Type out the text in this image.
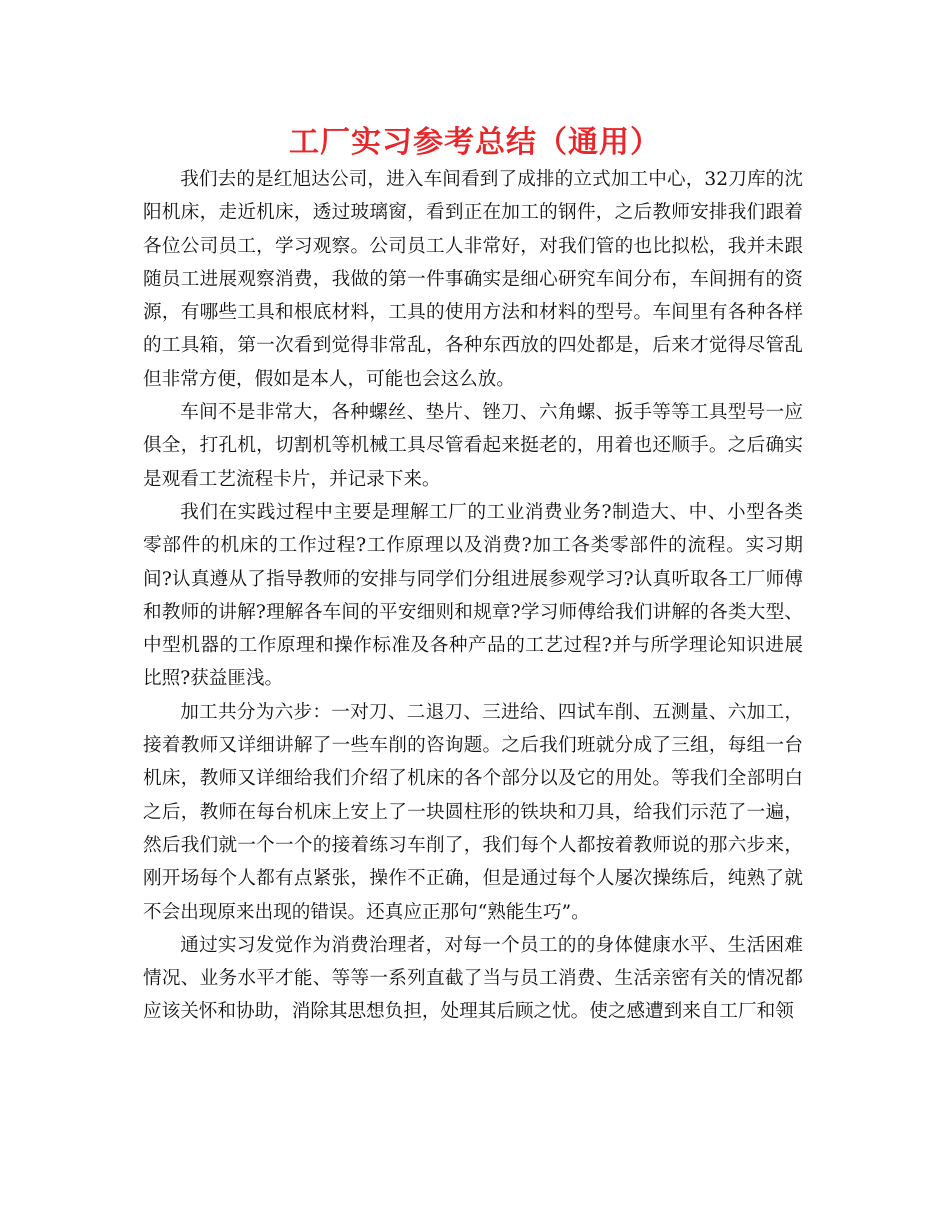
工厂实习参考总结（通用）

我们去的是红旭达公司，进入车间看到了成排的立式加工中心，32刀库的沈阳机床，走近机床，透过玻璃窗，看到正在加工的钢件，之后教师安排我们跟着各位公司员工，学习观察。公司员工人非常好，对我们管的也比拟松，我并未跟随员工进展观察消费，我做的第一件事确实是细心研究车间分布，车间拥有的资源，有哪些工具和根底材料，工具的使用方法和材料的型号。车间里有各种各样的工具箱，第一次看到觉得非常乱，各种东西放的四处都是，后来才觉得尽管乱但非常方便，假如是本人，可能也会这么放。

车间不是非常大，各种螺丝、垫片、锉刀、六角螺、扳手等等工具型号一应俱全，打孔机，切割机等机械工具尽管看起来挺老的，用着也还顺手。之后确实是观看工艺流程卡片，并记录下来。

我们在实践过程中主要是理解工厂的工业消费业务?制造大、中、小型各类零部件的机床的工作过程?工作原理以及消费?加工各类零部件的流程。实习期间?认真遵从了指导教师的安排与同学们分组进展参观学习?认真听取各工厂师傅和教师的讲解?理解各车间的平安细则和规章?学习师傅给我们讲解的各类大型、中型机器的工作原理和操作标准及各种产品的工艺过程?并与所学理论知识进展比照?获益匪浅。

加工共分为六步：一对刀、二退刀、三进给、四试车削、五测量、六加工，接着教师又详细讲解了一些车削的咨询题。之后我们班就分成了三组，每组一台机床，教师又详细给我们介绍了机床的各个部分以及它的用处。等我们全部明白之后，教师在每台机床上安上了一块圆柱形的铁块和刀具，给我们示范了一遍，然后我们就一个一个的接着练习车削了，我们每个人都按着教师说的那六步来，刚开场每个人都有点紧张，操作不正确，但是通过每个人屡次操练后，纯熟了就不会出现原来出现的错误。还真应正那句“熟能生巧”。

通过实习发觉作为消费治理者，对每一个员工的的身体健康水平、生活困难情况、业务水平才能、等等一系列直截了当与员工消费、生活亲密有关的情况都应该关怀和协助，消除其思想负担，处理其后顾之忧。使之感遭到来自工厂和领
